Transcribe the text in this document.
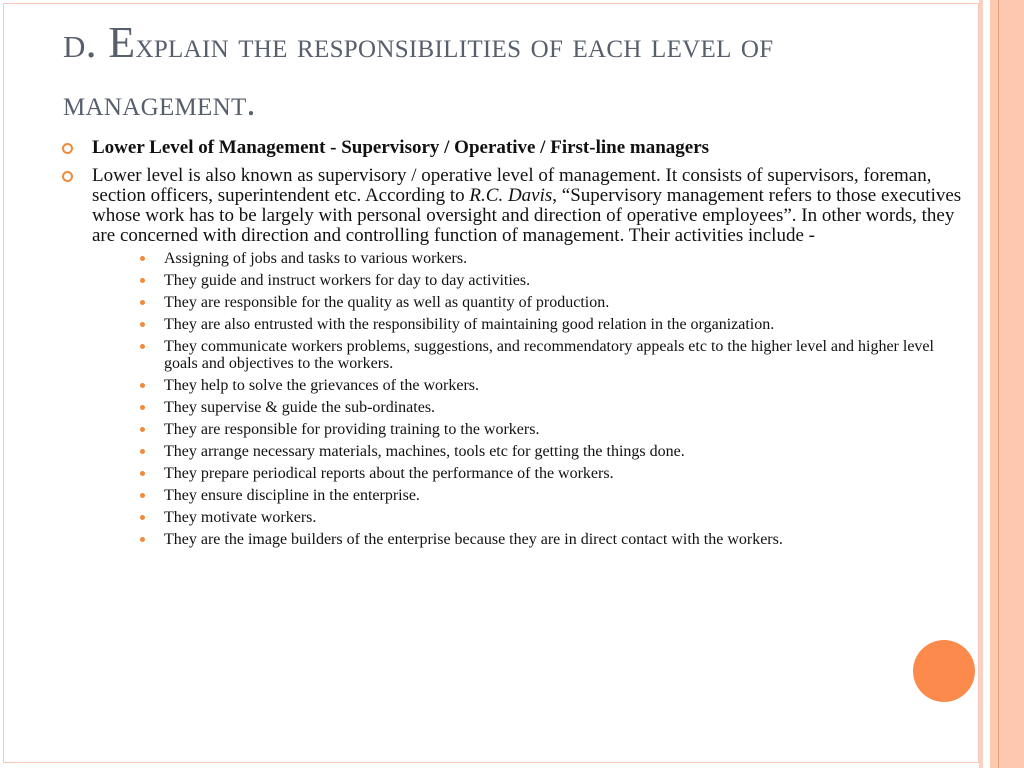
d. Explain the responsibilities of each level of management.
Lower Level of Management - Supervisory / Operative / First-line managers
Lower level is also known as supervisory / operative level of management. It consists of supervisors, foreman, section officers, superintendent etc. According to R.C. Davis, “Supervisory management refers to those executives whose work has to be largely with personal oversight and direction of operative employees”. In other words, they are concerned with direction and controlling function of management. Their activities include -
Assigning of jobs and tasks to various workers.
They guide and instruct workers for day to day activities.
They are responsible for the quality as well as quantity of production.
They are also entrusted with the responsibility of maintaining good relation in the organization.
They communicate workers problems, suggestions, and recommendatory appeals etc to the higher level and higher level goals and objectives to the workers.
They help to solve the grievances of the workers.
They supervise & guide the sub-ordinates.
They are responsible for providing training to the workers.
They arrange necessary materials, machines, tools etc for getting the things done.
They prepare periodical reports about the performance of the workers.
They ensure discipline in the enterprise.
They motivate workers.
They are the image builders of the enterprise because they are in direct contact with the workers.
